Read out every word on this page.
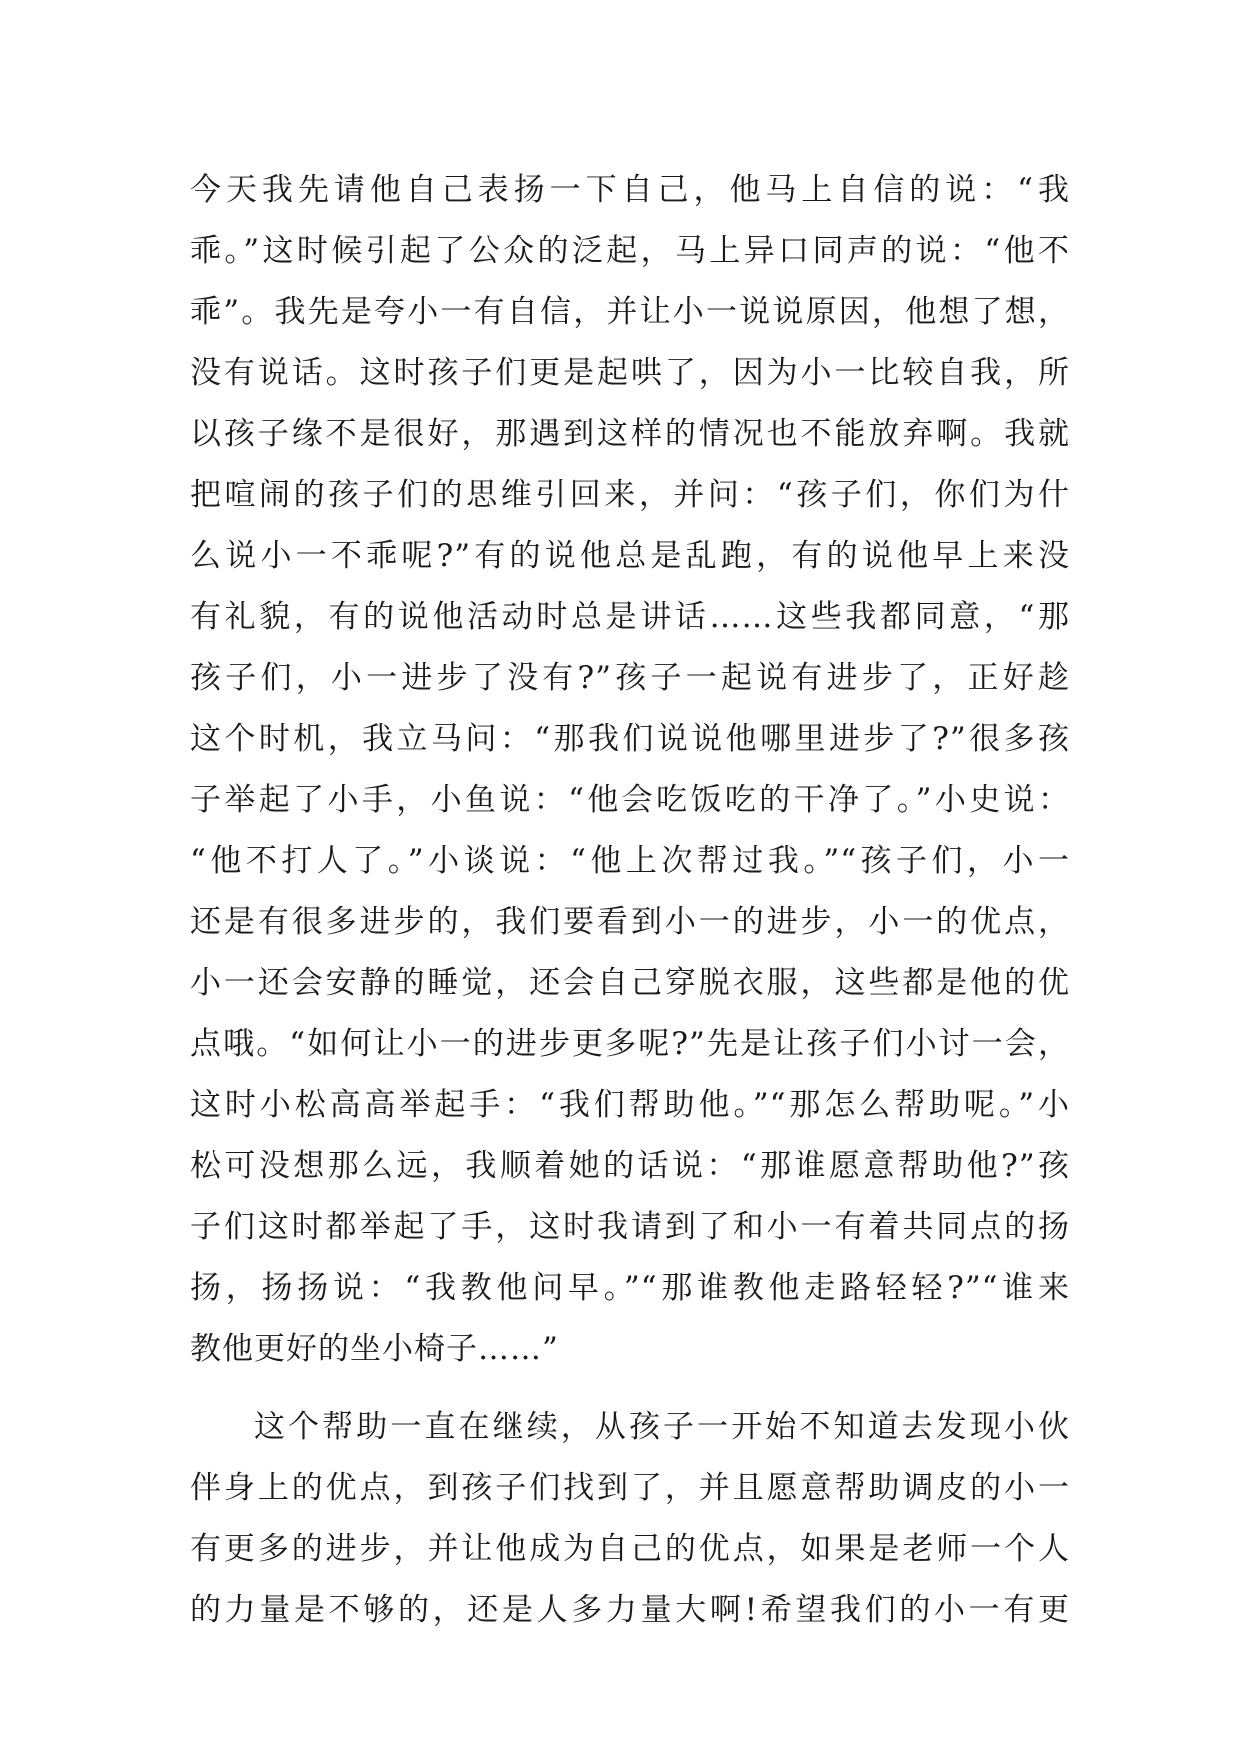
今天我先请他自己表扬一下自己，他马上自信的说：“我
乖。”这时候引起了公众的泛起，马上异口同声的说：“他不
乖”。我先是夸小一有自信，并让小一说说原因，他想了想，
没有说话。这时孩子们更是起哄了，因为小一比较自我，所
以孩子缘不是很好，那遇到这样的情况也不能放弃啊。我就
把喧闹的孩子们的思维引回来，并问：“孩子们，你们为什
么说小一不乖呢?”有的说他总是乱跑，有的说他早上来没
有礼貌，有的说他活动时总是讲话……这些我都同意，“那
孩子们，小一进步了没有?”孩子一起说有进步了，正好趁
这个时机，我立马问：“那我们说说他哪里进步了?”很多孩
子举起了小手，小鱼说：“他会吃饭吃的干净了。”小史说：
“他不打人了。”小谈说：“他上次帮过我。”“孩子们，小一
还是有很多进步的，我们要看到小一的进步，小一的优点，
小一还会安静的睡觉，还会自己穿脱衣服，这些都是他的优
点哦。“如何让小一的进步更多呢?”先是让孩子们小讨一会，
这时小松高高举起手：“我们帮助他。”“那怎么帮助呢。”小
松可没想那么远，我顺着她的话说：“那谁愿意帮助他?”孩
子们这时都举起了手，这时我请到了和小一有着共同点的扬
扬，扬扬说：“我教他问早。”“那谁教他走路轻轻?”“谁来
教他更好的坐小椅子……”
这个帮助一直在继续，从孩子一开始不知道去发现小伙
伴身上的优点，到孩子们找到了，并且愿意帮助调皮的小一
有更多的进步，并让他成为自己的优点，如果是老师一个人
的力量是不够的，还是人多力量大啊!希望我们的小一有更
